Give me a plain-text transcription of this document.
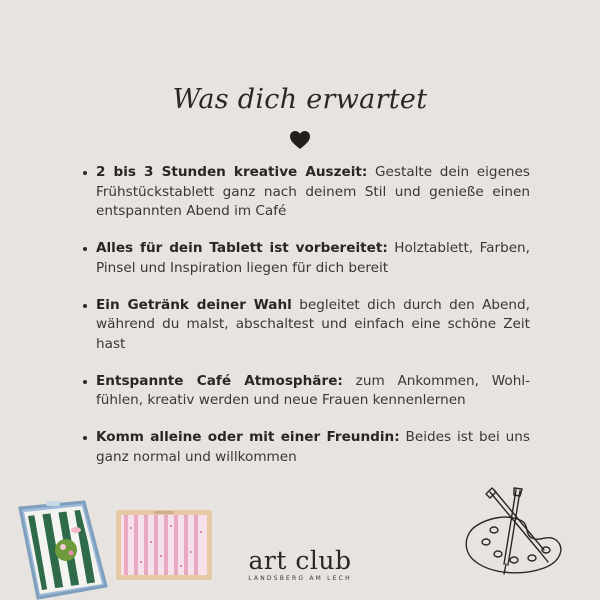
Was dich erwartet
2 bis 3 Stunden kreative Auszeit: Gestalte dein eigenes Frühstückstablett ganz nach deinem Stil und genieße einen entspannten Abend im Café
Alles für dein Tablett ist vorbereitet: Holztablett, Farben, Pinsel und Inspiration liegen für dich bereit
Ein Getränk deiner Wahl begleitet dich durch den Abend, während du malst, abschaltest und einfach eine schöne Zeit hast
Entspannte Café Atmosphäre: zum Ankommen, Wohl-fühlen, kreativ werden und neue Frauen kennenlernen
Komm alleine oder mit einer Freundin: Beides ist bei uns ganz normal und willkommen
art club
LANDSBERG AM LECH
